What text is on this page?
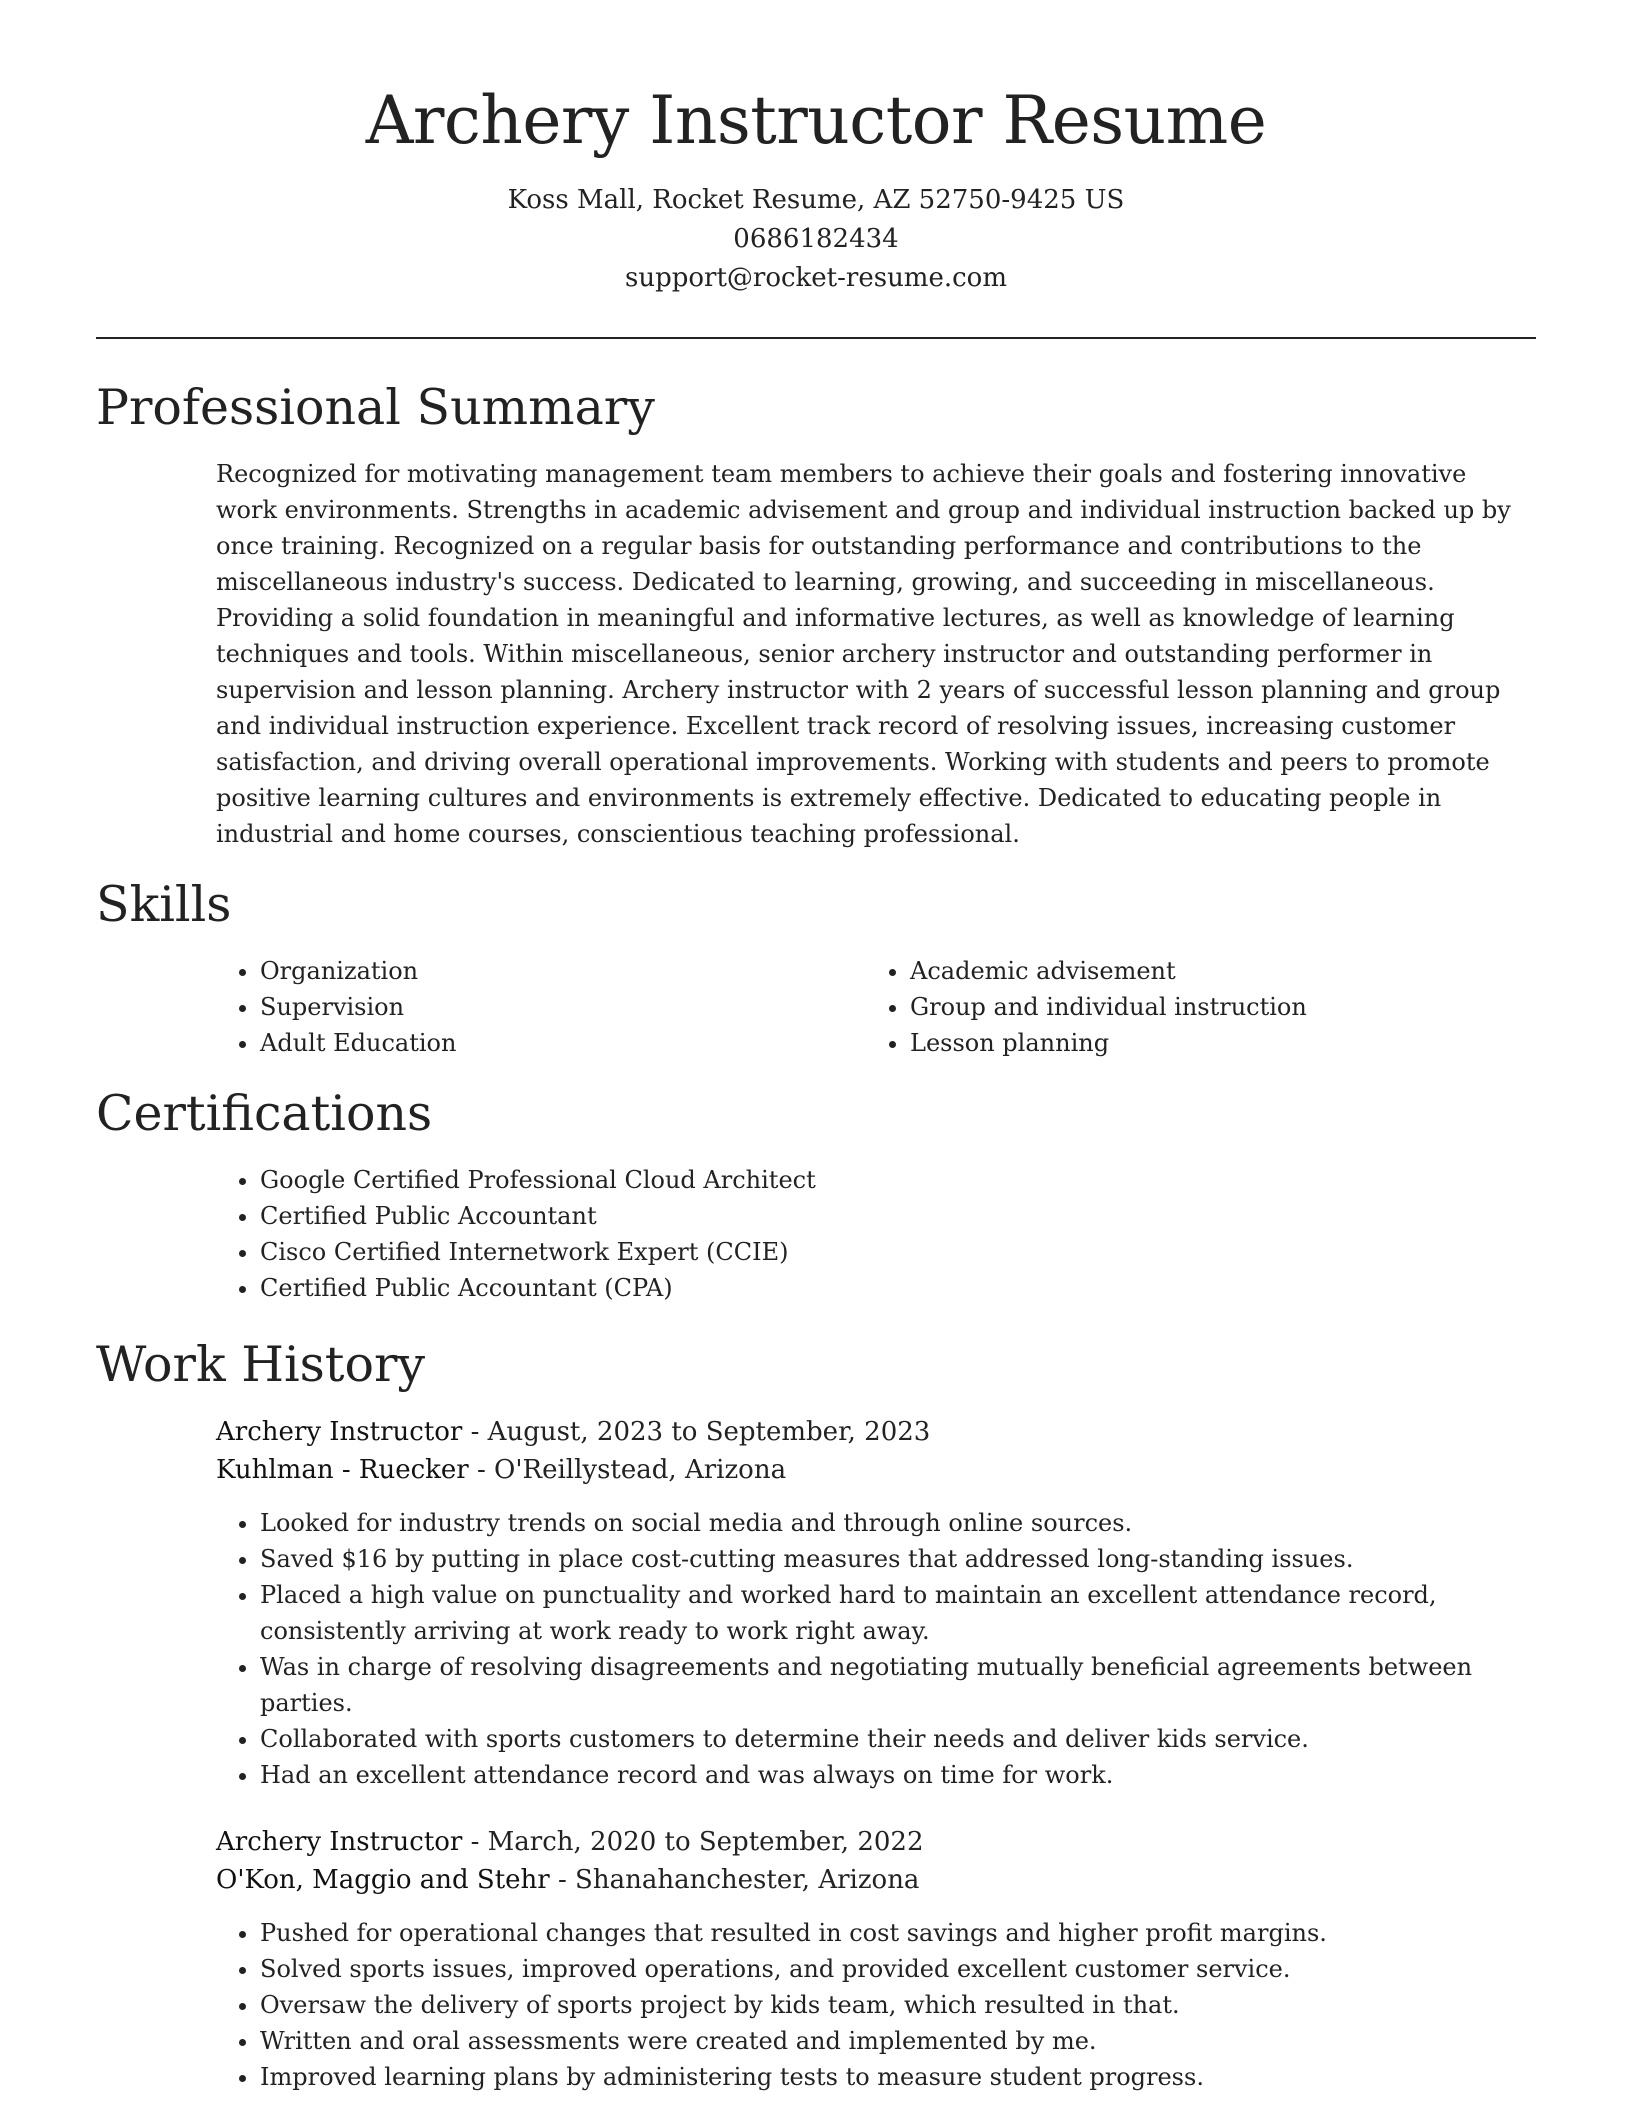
Archery Instructor Resume
Koss Mall, Rocket Resume, AZ 52750-9425 US
0686182434
support@rocket-resume.com
Professional Summary

Recognized for motivating management team members to achieve their goals and fostering innovative work environments. Strengths in academic advisement and group and individual instruction backed up by once training. Recognized on a regular basis for outstanding performance and contributions to the miscellaneous industry's success. Dedicated to learning, growing, and succeeding in miscellaneous. Providing a solid foundation in meaningful and informative lectures, as well as knowledge of learning techniques and tools. Within miscellaneous, senior archery instructor and outstanding performer in supervision and lesson planning. Archery instructor with 2 years of successful lesson planning and group and individual instruction experience. Excellent track record of resolving issues, increasing customer satisfaction, and driving overall operational improvements. Working with students and peers to promote positive learning cultures and environments is extremely effective. Dedicated to educating people in industrial and home courses, conscientious teaching professional.

Skills
• Organization
• Supervision
• Adult Education
• Academic advisement
• Group and individual instruction
• Lesson planning
Certifications
• Google Certified Professional Cloud Architect
• Certified Public Accountant
• Cisco Certified Internetwork Expert (CCIE)
• Certified Public Accountant (CPA)
Work History
Archery Instructor - August, 2023 to September, 2023
Kuhlman - Ruecker - O'Reillystead, Arizona
• Looked for industry trends on social media and through online sources.
• Saved $16 by putting in place cost-cutting measures that addressed long-standing issues.
• Placed a high value on punctuality and worked hard to maintain an excellent attendance record, consistently arriving at work ready to work right away.
• Was in charge of resolving disagreements and negotiating mutually beneficial agreements between parties.
• Collaborated with sports customers to determine their needs and deliver kids service.
• Had an excellent attendance record and was always on time for work.
Archery Instructor - March, 2020 to September, 2022
O'Kon, Maggio and Stehr - Shanahanchester, Arizona
• Pushed for operational changes that resulted in cost savings and higher profit margins.
• Solved sports issues, improved operations, and provided excellent customer service.
• Oversaw the delivery of sports project by kids team, which resulted in that.
• Written and oral assessments were created and implemented by me.
• Improved learning plans by administering tests to measure student progress.
